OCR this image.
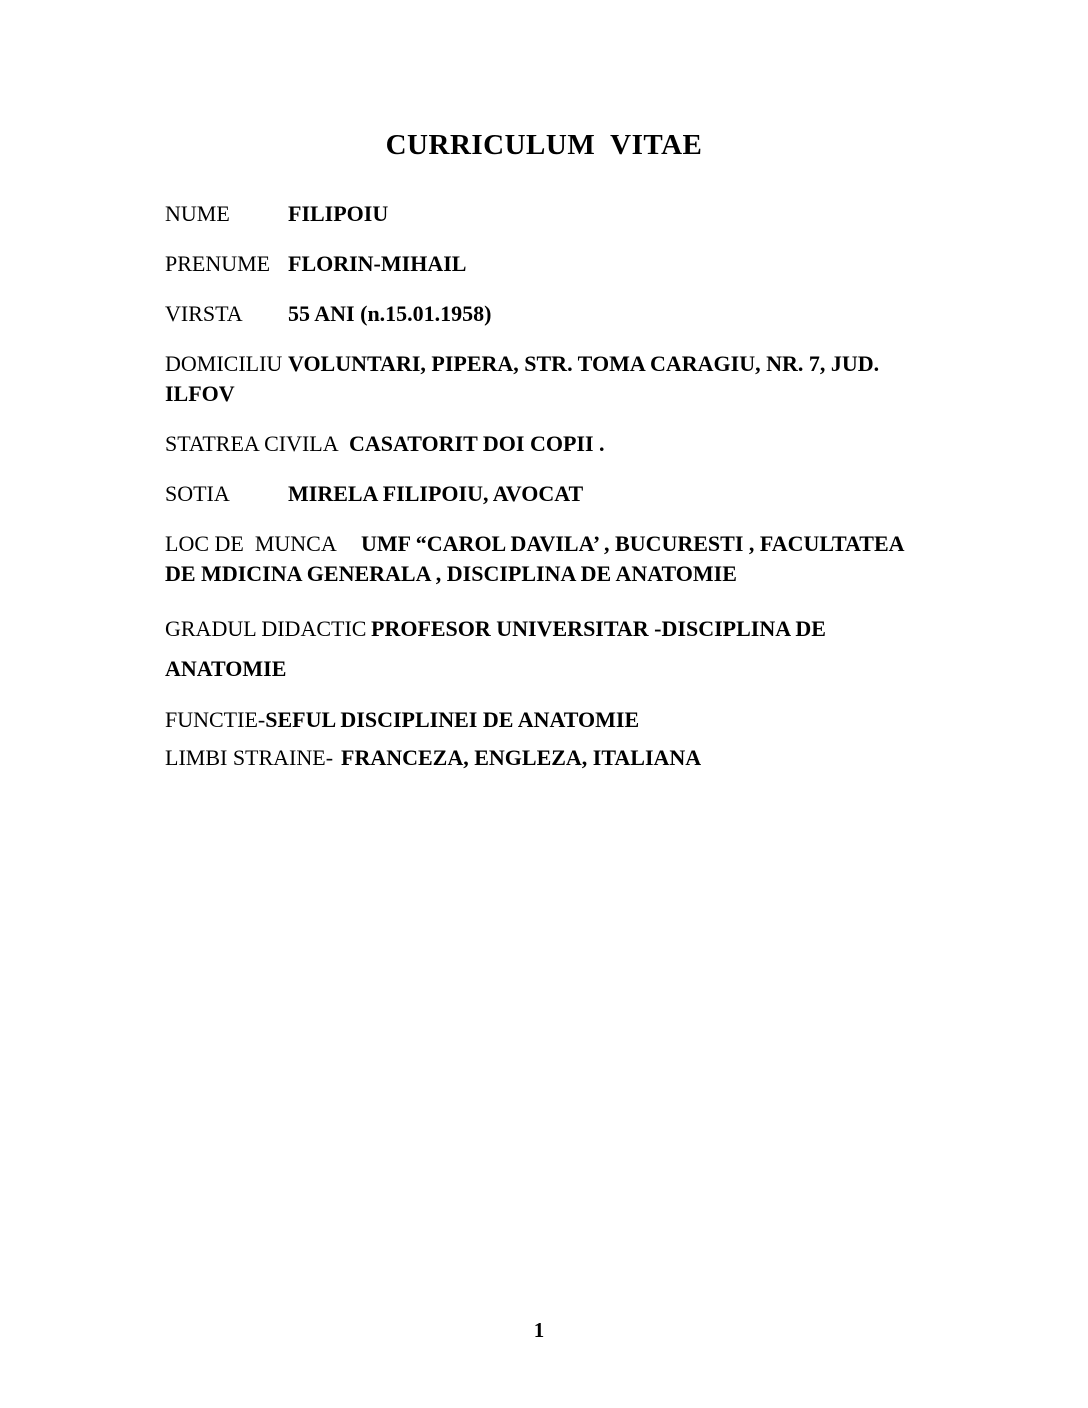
CURRICULUM  VITAE

NUME	FILIPOIU

PRENUME FLORIN-MIHAIL

VIRSTA 55 ANI (n.15.01.1958)

DOMICILIU VOLUNTARI, PIPERA, STR. TOMA CARAGIU, NR. 7, JUD. ILFOV

STATREA CIVILA CASATORIT DOI COPII .

SOTIA	MIRELA FILIPOIU, AVOCAT

LOC DE  MUNCA UMF “CAROL DAVILA’ , BUCURESTI , FACULTATEA DE MDICINA GENERALA , DISCIPLINA DE ANATOMIE

GRADUL DIDACTIC PROFESOR UNIVERSITAR -DISCIPLINA DE ANATOMIE

FUNCTIE-SEFUL DISCIPLINEI DE ANATOMIE

LIMBI STRAINE- FRANCEZA, ENGLEZA, ITALIANA

1
